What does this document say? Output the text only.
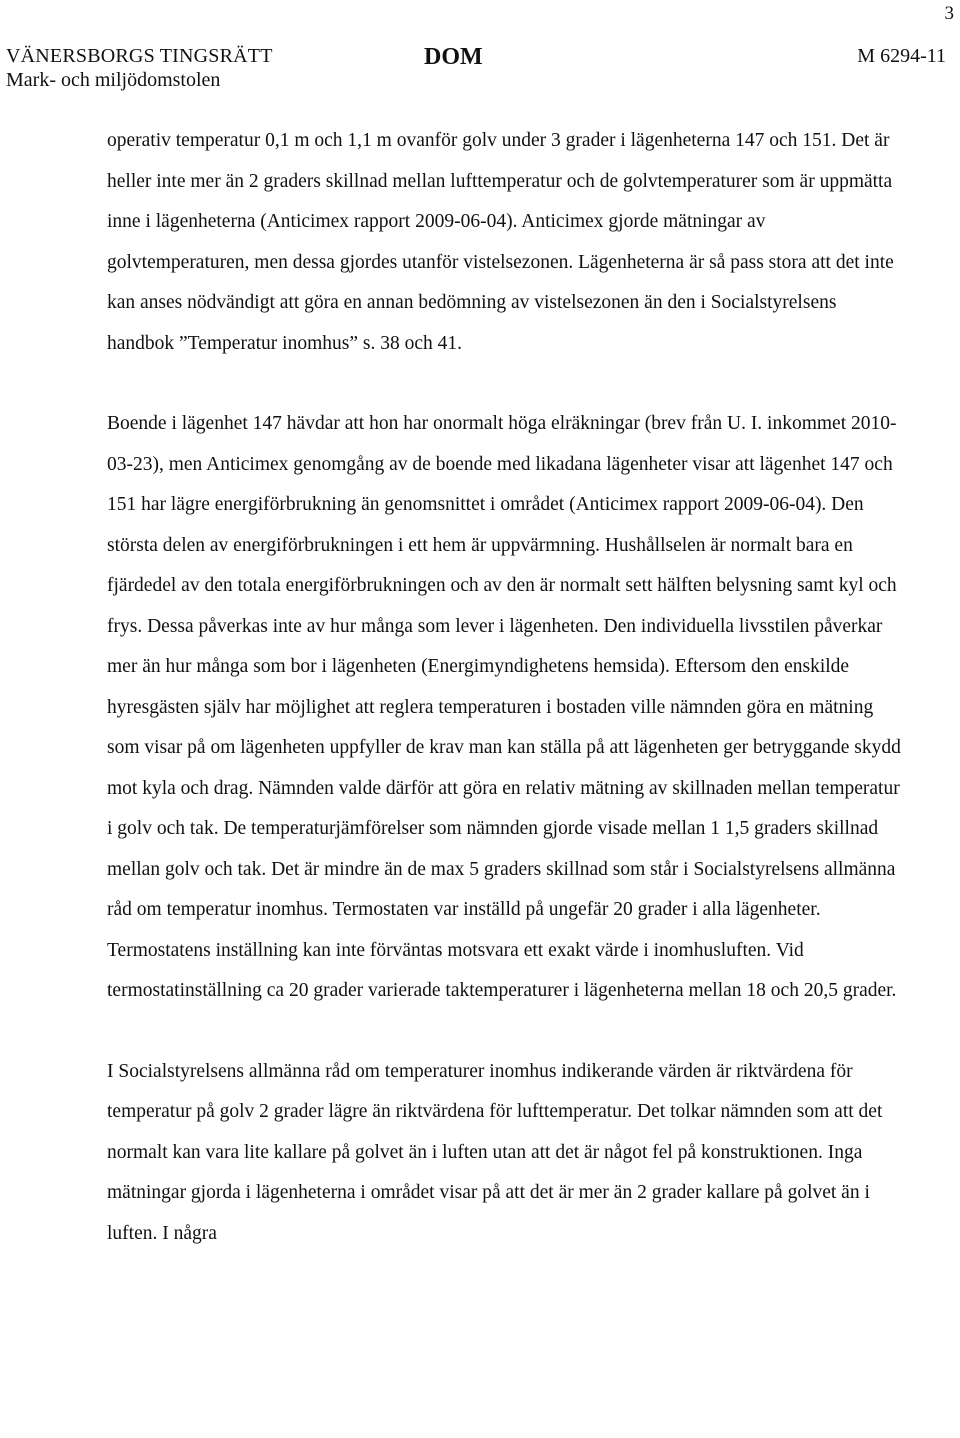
3
VÄNERSBORGS TINGSRÄTT
Mark- och miljödomstolen
DOM	M 6294-11

operativ temperatur 0,1 m och 1,1 m ovanför golv under 3 grader i lägenheterna 147 och 151. Det är heller inte mer än 2 graders skillnad mellan lufttemperatur och de golvtemperaturer som är uppmätta inne i lägenheterna (Anticimex rapport 2009-06-04). Anticimex gjorde mätningar av golvtemperaturen, men dessa gjordes utanför vistelsezonen. Lägenheterna är så pass stora att det inte kan anses nödvändigt att göra en annan bedömning av vistelsezonen än den i Socialstyrelsens handbok ”Temperatur inomhus” s. 38 och 41.

Boende i lägenhet 147 hävdar att hon har onormalt höga elräkningar (brev från U. I. inkommet 2010-03-23), men Anticimex genomgång av de boende med likadana lägenheter visar att lägenhet 147 och 151 har lägre energiförbrukning än genomsnittet i området (Anticimex rapport 2009-06-04). Den största delen av energiförbrukningen i ett hem är uppvärmning. Hushållselen är normalt bara en fjärdedel av den totala energiförbrukningen och av den är normalt sett hälften belysning samt kyl och frys. Dessa påverkas inte av hur många som lever i lägenheten. Den individuella livsstilen påverkar mer än hur många som bor i lägenheten (Energimyndighetens hemsida). Eftersom den enskilde hyresgästen själv har möjlighet att reglera temperaturen i bostaden ville nämnden göra en mätning som visar på om lägenheten uppfyller de krav man kan ställa på att lägenheten ger betryggande skydd mot kyla och drag. Nämnden valde därför att göra en relativ mätning av skillnaden mellan temperatur i golv och tak. De temperaturjämförelser som nämnden gjorde visade mellan 1 1,5 graders skillnad mellan golv och tak. Det är mindre än de max 5 graders skillnad som står i Socialstyrelsens allmänna råd om temperatur inomhus. Termostaten var inställd på ungefär 20 grader i alla lägenheter. Termostatens inställning kan inte förväntas motsvara ett exakt värde i inomhusluften. Vid termostatinställning ca 20 grader varierade taktemperaturer i lägenheterna mellan 18 och 20,5 grader.

I Socialstyrelsens allmänna råd om temperaturer inomhus indikerande värden är riktvärdena för temperatur på golv 2 grader lägre än riktvärdena för lufttemperatur. Det tolkar nämnden som att det normalt kan vara lite kallare på golvet än i luften utan att det är något fel på konstruktionen. Inga mätningar gjorda i lägenheterna i området visar på att det är mer än 2 grader kallare på golvet än i luften. I några
